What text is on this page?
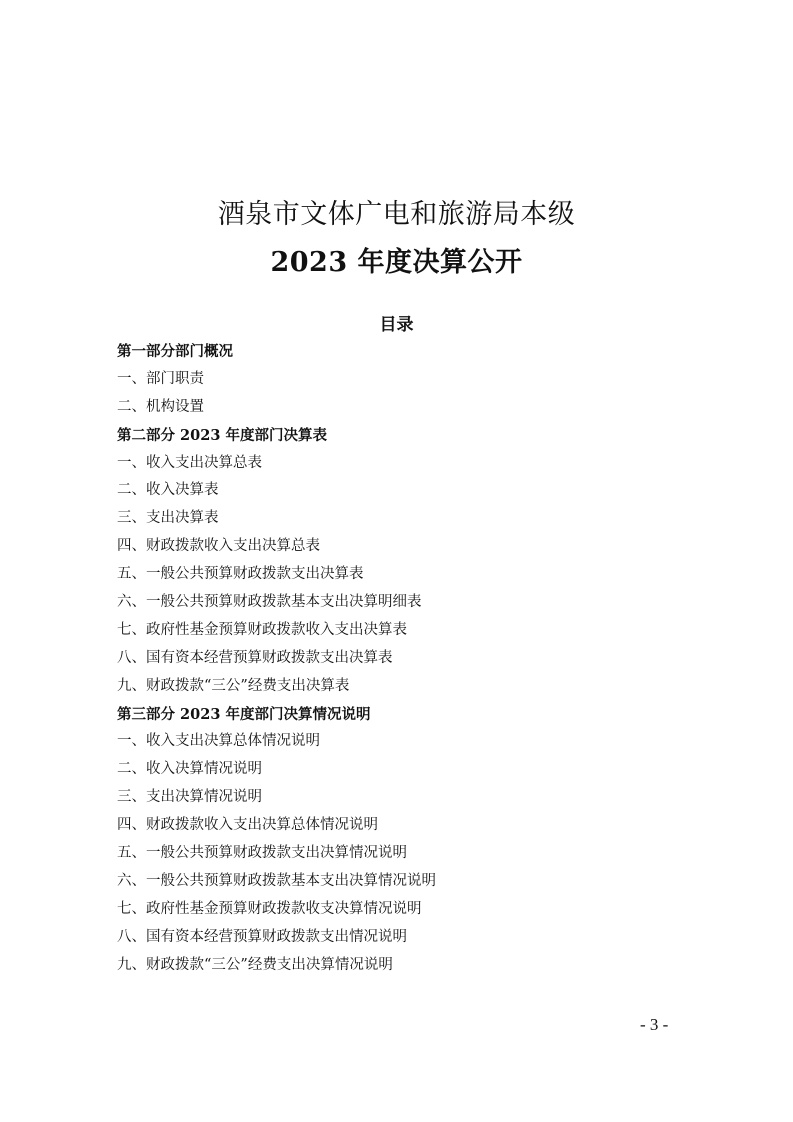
酒泉市文体广电和旅游局本级
2023 年度决算公开
目录
第一部分部门概况
一、部门职责
二、机构设置
第二部分 2023 年度部门决算表
一、收入支出决算总表
二、收入决算表
三、支出决算表
四、财政拨款收入支出决算总表
五、一般公共预算财政拨款支出决算表
六、一般公共预算财政拨款基本支出决算明细表
七、政府性基金预算财政拨款收入支出决算表
八、国有资本经营预算财政拨款支出决算表
九、财政拨款“三公”经费支出决算表
第三部分 2023 年度部门决算情况说明
一、收入支出决算总体情况说明
二、收入决算情况说明
三、支出决算情况说明
四、财政拨款收入支出决算总体情况说明
五、一般公共预算财政拨款支出决算情况说明
六、一般公共预算财政拨款基本支出决算情况说明
七、政府性基金预算财政拨款收支决算情况说明
八、国有资本经营预算财政拨款支出情况说明
九、财政拨款“三公”经费支出决算情况说明
- 3 -
